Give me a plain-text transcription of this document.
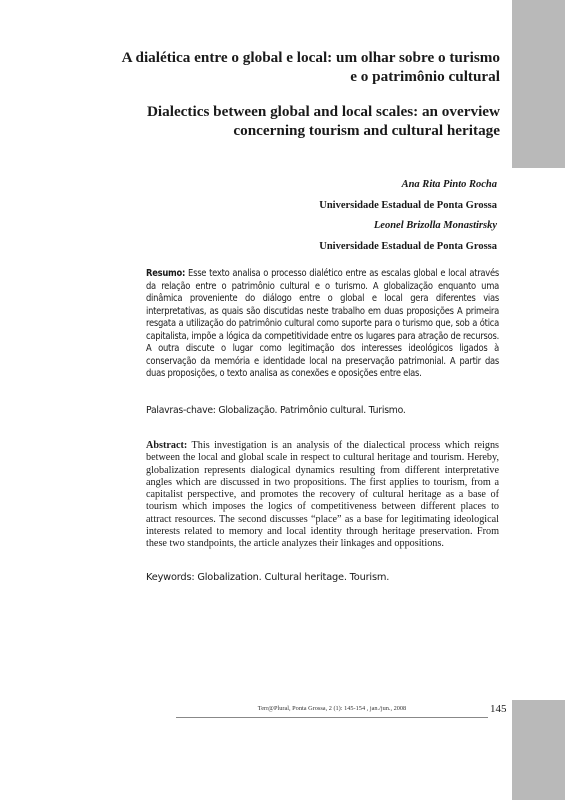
A dialética entre o global e local: um olhar sobre o turismo
e o patrimônio cultural

Dialectics between global and local scales: an overview
concerning tourism and cultural heritage

Ana Rita Pinto Rocha
Universidade Estadual de Ponta Grossa
Leonel Brizolla Monastirsky
Universidade Estadual de Ponta Grossa
Resumo: Esse texto analisa o processo dialético entre as escalas global e local através da relação entre o patrimônio cultural e o turismo. A globalização enquanto uma dinâmica proveniente do diálogo entre o global e local gera diferentes vias interpretativas, as quais são discutidas neste trabalho em duas proposições A primeira resgata a utilização do patrimônio cultural como suporte para o turismo que, sob a ótica capitalista, impõe a lógica da competitividade entre os lugares para atração de recursos. A outra discute o lugar como legitimação dos interesses ideológicos ligados à conservação da memória e identidade local na preservação patrimonial. A partir das duas proposições, o texto analisa as conexões e oposições entre elas.
Palavras-chave: Globalização. Patrimônio cultural. Turismo.
Abstract: This investigation is an analysis of the dialectical process which reigns between the local and global scale in respect to cultural heritage and tourism. Hereby, globalization represents dialogical dynamics resulting from different interpretative angles which are discussed in two propositions. The first applies to tourism, from a capitalist perspective, and promotes the recovery of cultural heritage as a base of tourism which imposes the logics of competitiveness between different places to attract resources. The second discusses “place” as a base for legitimating ideological interests related to memory and local identity through heritage preservation. From these two standpoints, the article analyzes their linkages and oppositions.
Keywords: Globalization. Cultural heritage. Tourism.
Terr@Plural, Ponta Grossa, 2 (1): 145-154 , jan./jun., 2008	145
